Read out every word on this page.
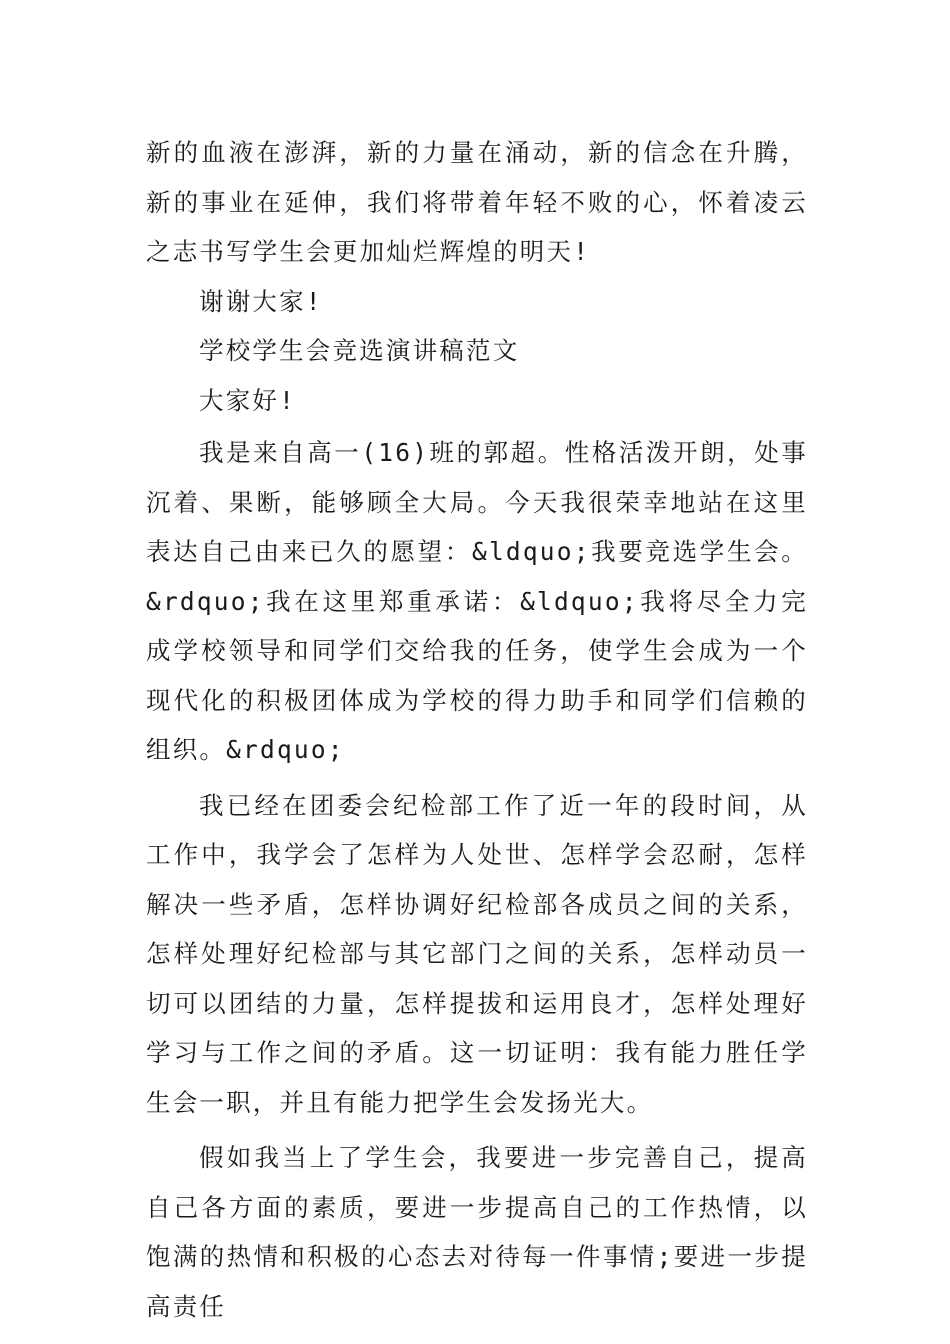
新的血液在澎湃，新的力量在涌动，新的信念在升腾，新的事业在延伸，我们将带着年轻不败的心，怀着凌云之志书写学生会更加灿烂辉煌的明天!

谢谢大家!

学校学生会竞选演讲稿范文

大家好!

我是来自高一(16)班的郭超。性格活泼开朗，处事沉着、果断，能够顾全大局。今天我很荣幸地站在这里表达自己由来已久的愿望：&ldquo;我要竞选学生会。&rdquo;我在这里郑重承诺：&ldquo;我将尽全力完成学校领导和同学们交给我的任务，使学生会成为一个现代化的积极团体成为学校的得力助手和同学们信赖的组织。&rdquo;

我已经在团委会纪检部工作了近一年的段时间，从工作中，我学会了怎样为人处世、怎样学会忍耐，怎样解决一些矛盾，怎样协调好纪检部各成员之间的关系，怎样处理好纪检部与其它部门之间的关系，怎样动员一切可以团结的力量，怎样提拔和运用良才，怎样处理好学习与工作之间的矛盾。这一切证明：我有能力胜任学生会一职，并且有能力把学生会发扬光大。

假如我当上了学生会，我要进一步完善自己，提高自己各方面的素质，要进一步提高自己的工作热情，以饱满的热情和积极的心态去对待每一件事情;要进一步提高责任
